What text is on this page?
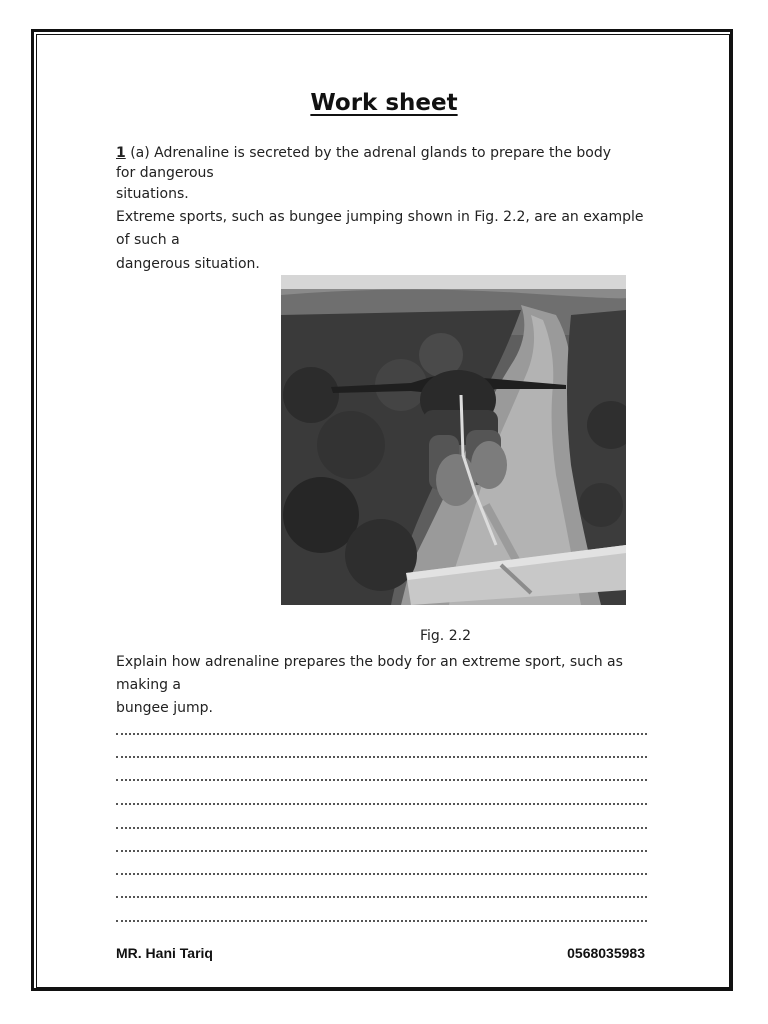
Work sheet
1 (a) Adrenaline is secreted by the adrenal glands to prepare the body
for dangerous
situations.
Extreme sports, such as bungee jumping shown in Fig. 2.2, are an example
of such a
dangerous situation.
Fig. 2.2
Explain how adrenaline prepares the body for an extreme sport, such as
making a
bungee jump.
MR. Hani Tariq	0568035983
